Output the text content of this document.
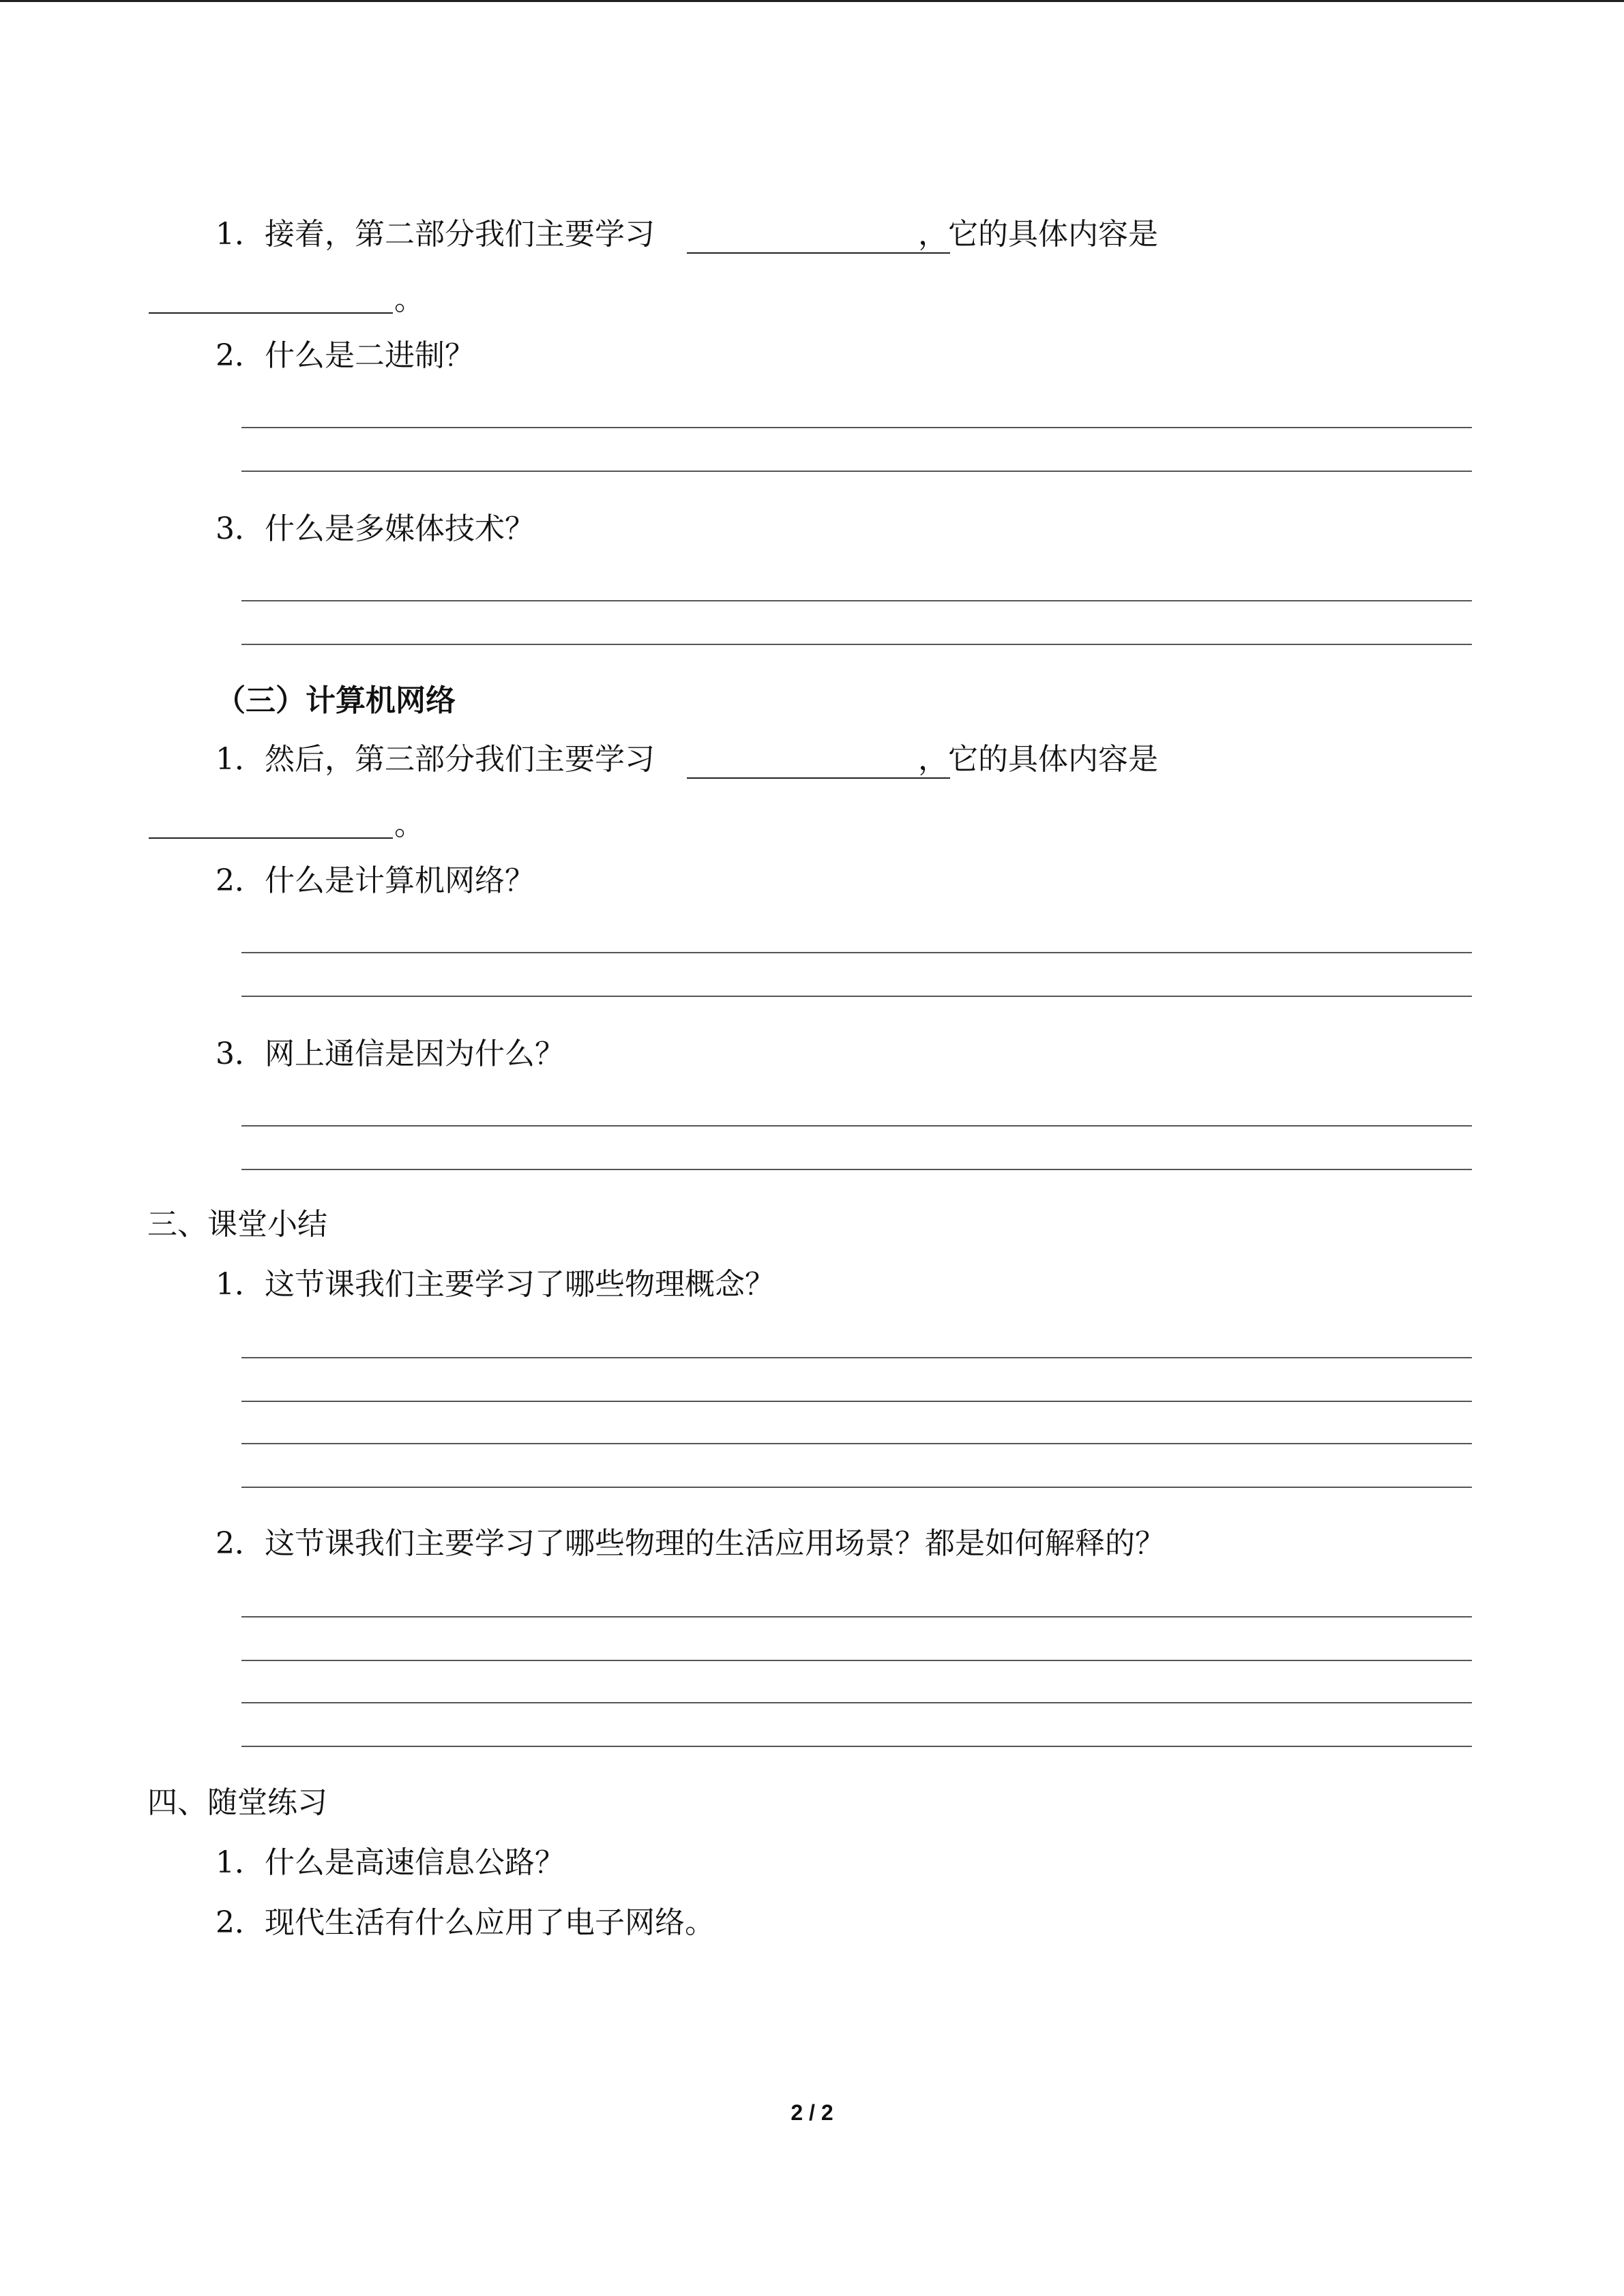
1．接着，第二部分我们主要学习	，它的具体内容是
。
2．什么是二进制？
3．什么是多媒体技术？
（三）计算机网络
1．然后，第三部分我们主要学习	，它的具体内容是
。
2．什么是计算机网络？
3．网上通信是因为什么？
三、课堂小结
1．这节课我们主要学习了哪些物理概念？
2．这节课我们主要学习了哪些物理的生活应用场景？都是如何解释的？
四、随堂练习
1．什么是高速信息公路？
2．现代生活有什么应用了电子网络。
2 / 2
